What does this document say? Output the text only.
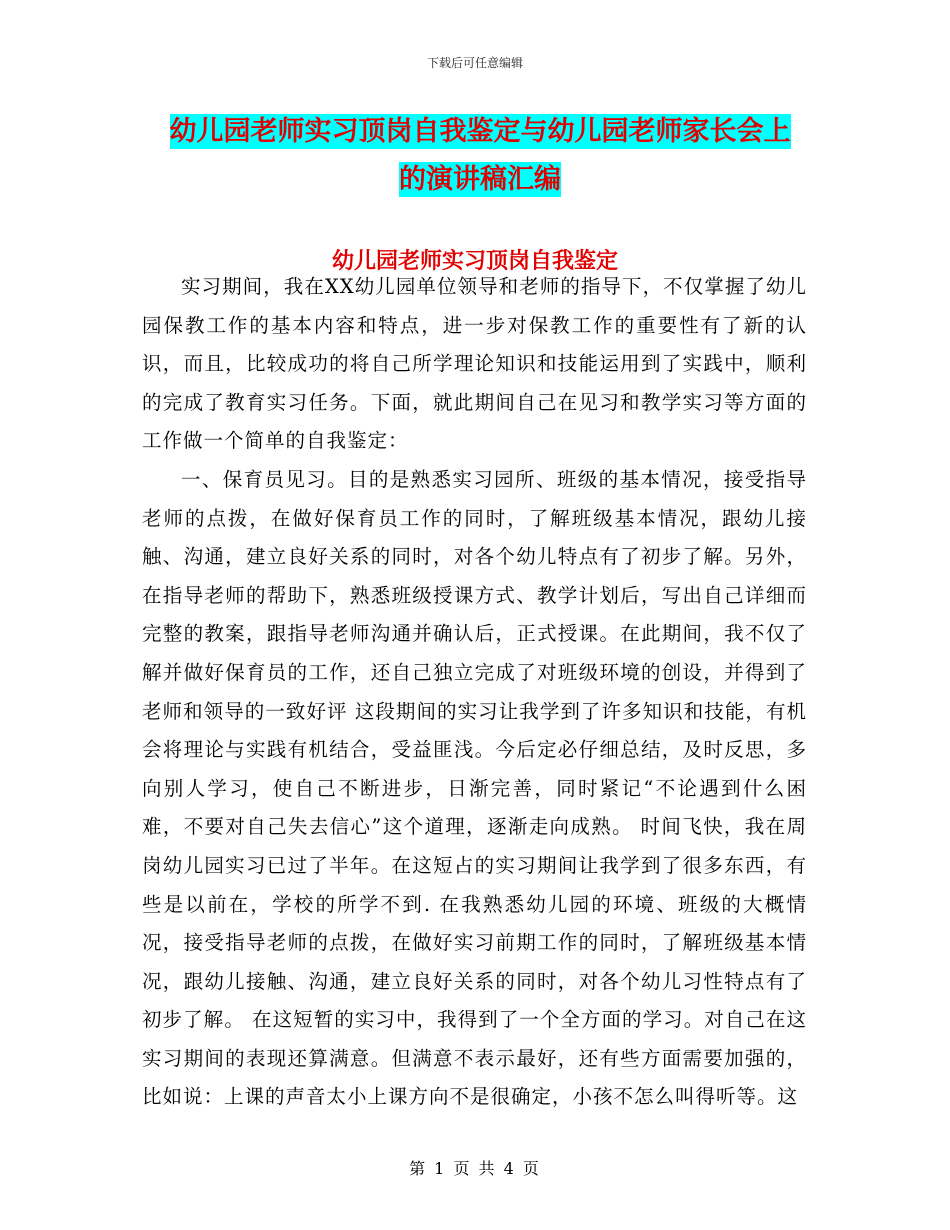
下载后可任意编辑
幼儿园老师实习顶岗自我鉴定与幼儿园老师家长会上
的演讲稿汇编
幼儿园老师实习顶岗自我鉴定

实习期间，我在XX幼儿园单位领导和老师的指导下，不仅掌握了幼儿园保教工作的基本内容和特点，进一步对保教工作的重要性有了新的认识，而且，比较成功的将自己所学理论知识和技能运用到了实践中，顺利的完成了教育实习任务。下面，就此期间自己在见习和教学实习等方面的工作做一个简单的自我鉴定：

一、保育员见习。目的是熟悉实习园所、班级的基本情况，接受指导老师的点拨，在做好保育员工作的同时，了解班级基本情况，跟幼儿接触、沟通，建立良好关系的同时，对各个幼儿特点有了初步了解。另外，在指导老师的帮助下，熟悉班级授课方式、教学计划后，写出自己详细而完整的教案，跟指导老师沟通并确认后，正式授课。在此期间，我不仅了解并做好保育员的工作，还自己独立完成了对班级环境的创设，并得到了老师和领导的一致好评 这段期间的实习让我学到了许多知识和技能，有机会将理论与实践有机结合，受益匪浅。今后定必仔细总结，及时反思，多向别人学习，使自己不断进步，日渐完善，同时紧记“不论遇到什么困难，不要对自己失去信心”这个道理，逐渐走向成熟。 时间飞快，我在周岗幼儿园实习已过了半年。在这短占的实习期间让我学到了很多东西，有些是以前在，学校的所学不到. 在我熟悉幼儿园的环境、班级的大概情况，接受指导老师的点拨，在做好实习前期工作的同时，了解班级基本情况，跟幼儿接触、沟通，建立良好关系的同时，对各个幼儿习性特点有了初步了解。 在这短暂的实习中，我得到了一个全方面的学习。对自己在这实习期间的表现还算满意。但满意不表示最好，还有些方面需要加强的，比如说：上课的声音太小上课方向不是很确定，小孩不怎么叫得听等。这

第 1 页 共 4 页
